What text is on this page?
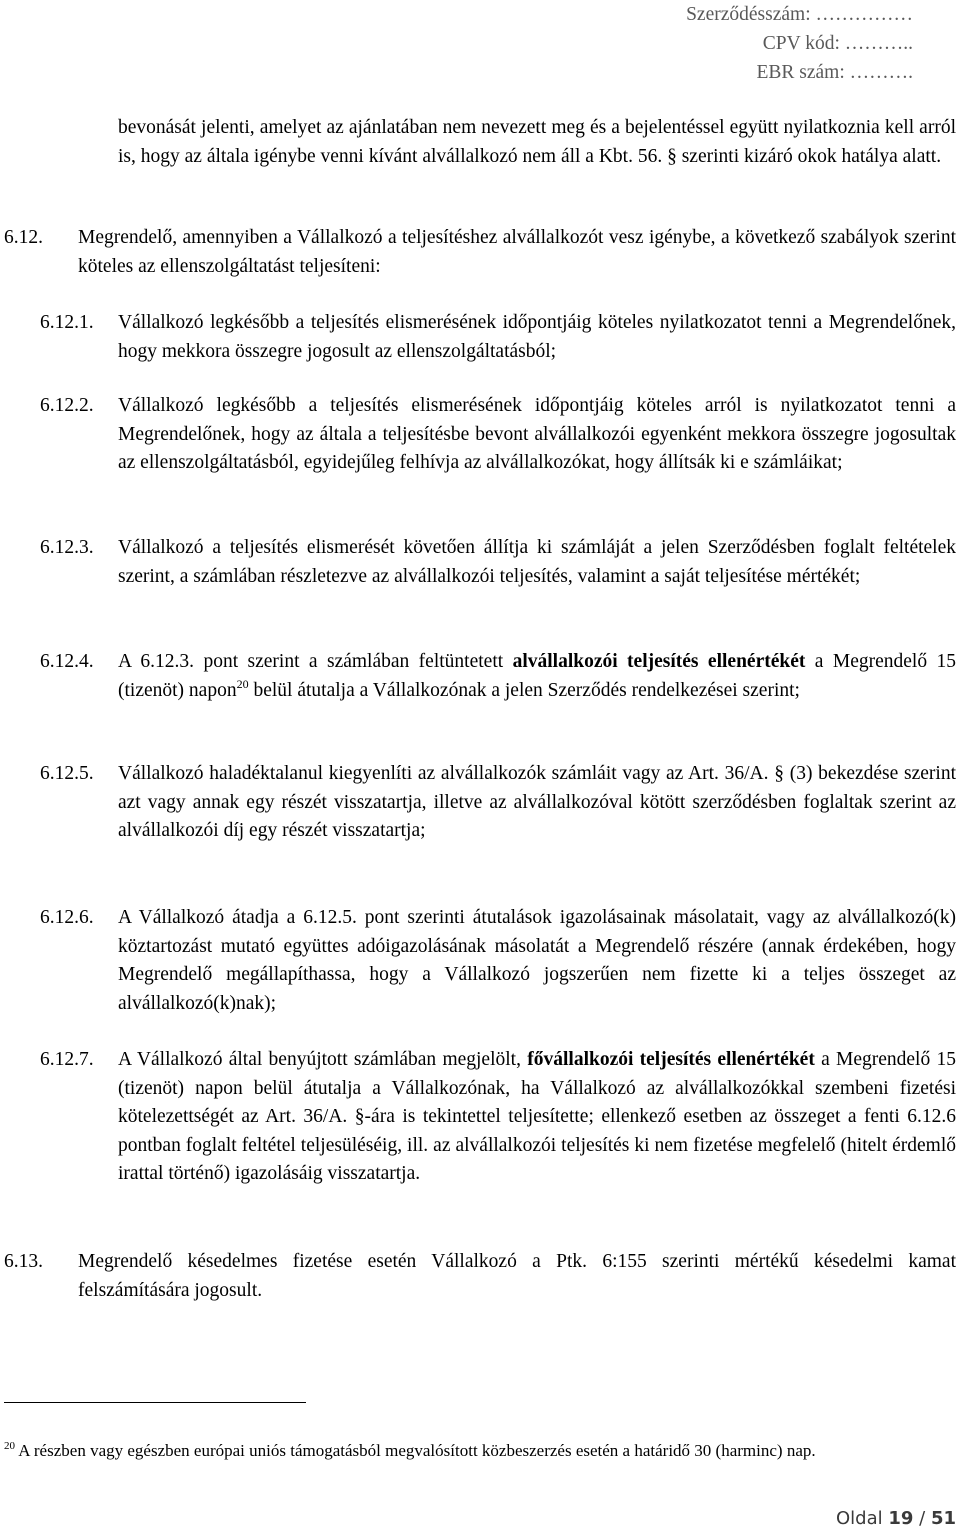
Szerződésszám: ……………
CPV kód: ………..
EBR szám: ……….
bevonását jelenti, amelyet az ajánlatában nem nevezett meg és a bejelentéssel együtt nyilatkoznia kell arról is, hogy az általa igénybe venni kívánt alvállalkozó nem áll a Kbt. 56. § szerinti kizáró okok hatálya alatt.
6.12. Megrendelő, amennyiben a Vállalkozó a teljesítéshez alvállalkozót vesz igénybe, a következő szabályok szerint köteles az ellenszolgáltatást teljesíteni:
6.12.1. Vállalkozó legkésőbb a teljesítés elismerésének időpontjáig köteles nyilatkozatot tenni a Megrendelőnek, hogy mekkora összegre jogosult az ellenszolgáltatásból;
6.12.2. Vállalkozó legkésőbb a teljesítés elismerésének időpontjáig köteles arról is nyilatkozatot tenni a Megrendelőnek, hogy az általa a teljesítésbe bevont alvállalkozói egyenként mekkora összegre jogosultak az ellenszolgáltatásból, egyidejűleg felhívja az alvállalkozókat, hogy állítsák ki e számláikat;
6.12.3. Vállalkozó a teljesítés elismerését követően állítja ki számláját a jelen Szerződésben foglalt feltételek szerint, a számlában részletezve az alvállalkozói teljesítés, valamint a saját teljesítése mértékét;
6.12.4. A 6.12.3. pont szerint a számlában feltüntetett alvállalkozói teljesítés ellenértékét a Megrendelő 15 (tizenöt) napon$^{20}$ belül átutalja a Vállalkozónak a jelen Szerződés rendelkezései szerint;
6.12.5. Vállalkozó haladéktalanul kiegyenlíti az alvállalkozók számláit vagy az Art. 36/A. § (3) bekezdése szerint azt vagy annak egy részét visszatartja, illetve az alvállalkozóval kötött szerződésben foglaltak szerint az alvállalkozói díj egy részét visszatartja;
6.12.6. A Vállalkozó átadja a 6.12.5. pont szerinti átutalások igazolásainak másolatait, vagy az alvállalkozó(k) köztartozást mutató együttes adóigazolásának másolatát a Megrendelő részére (annak érdekében, hogy Megrendelő megállapíthassa, hogy a Vállalkozó jogszerűen nem fizette ki a teljes összeget az alvállalkozó(k)nak);
6.12.7. A Vállalkozó által benyújtott számlában megjelölt, fővállalkozói teljesítés ellenértékét a Megrendelő 15 (tizenöt) napon belül átutalja a Vállalkozónak, ha Vállalkozó az alvállalkozókkal szembeni fizetési kötelezettségét az Art. 36/A. §-ára is tekintettel teljesítette; ellenkező esetben az összeget a fenti 6.12.6 pontban foglalt feltétel teljesüléséig, ill. az alvállalkozói teljesítés ki nem fizetése megfelelő (hitelt érdemlő irattal történő) igazolásáig visszatartja.
6.13. Megrendelő késedelmes fizetése esetén Vállalkozó a Ptk. 6:155 szerinti mértékű késedelmi kamat felszámítására jogosult.
$^{20}$ A részben vagy egészben európai uniós támogatásból megvalósított közbeszerzés esetén a határidő 30 (harminc) nap.
Oldal 19 / 51
